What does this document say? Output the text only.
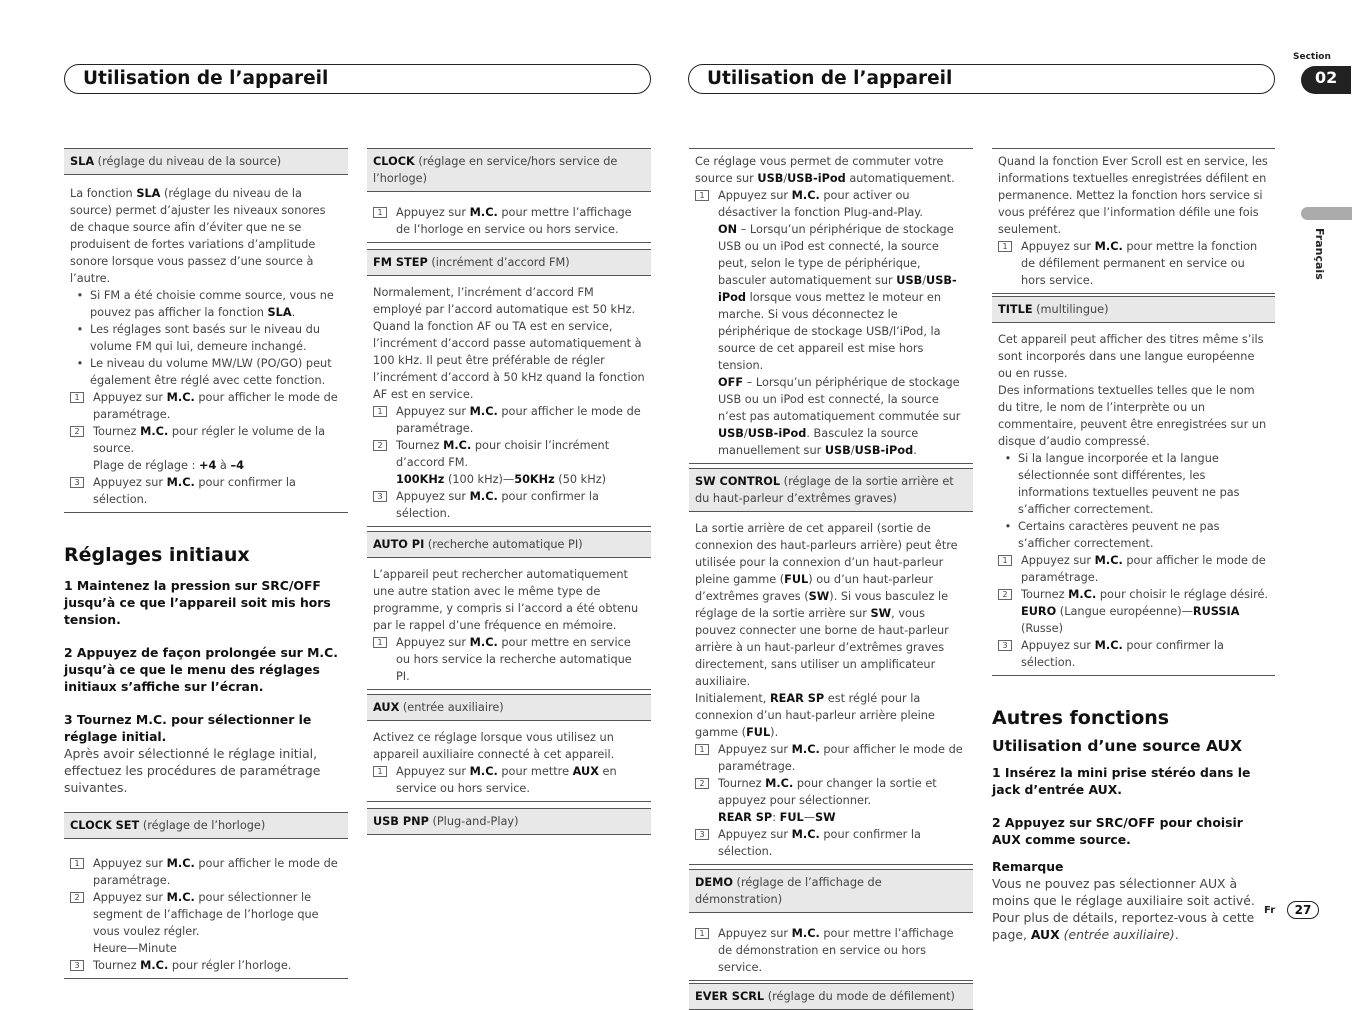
Utilisation de l’appareil	Utilisation de l’appareil
Section
02
Français
Fr	27
SLA (réglage du niveau de la source)
La fonction SLA (réglage du niveau de la source) permet d’ajuster les niveaux sonores de chaque source afin d’éviter que ne se produisent de fortes variations d’amplitude sonore lorsque vous passez d’une source à l’autre.
• Si FM a été choisie comme source, vous ne pouvez pas afficher la fonction SLA.
• Les réglages sont basés sur le niveau du volume FM qui lui, demeure inchangé.
• Le niveau du volume MW/LW (PO/GO) peut également être réglé avec cette fonction.
1	Appuyez sur M.C. pour afficher le mode de paramétrage.
2	Tournez M.C. pour régler le volume de la source.
Plage de réglage : +4 à –4
3	Appuyez sur M.C. pour confirmer la sélection.
Réglages initiaux
1 Maintenez la pression sur SRC/OFF jusqu’à ce que l’appareil soit mis hors tension.
2 Appuyez de façon prolongée sur M.C. jusqu’à ce que le menu des réglages initiaux s’affiche sur l’écran.
3 Tournez M.C. pour sélectionner le réglage initial.
Après avoir sélectionné le réglage initial, effectuez les procédures de paramétrage suivantes.
CLOCK SET (réglage de l’horloge)
1	Appuyez sur M.C. pour afficher le mode de paramétrage.
2	Appuyez sur M.C. pour sélectionner le segment de l’affichage de l’horloge que vous voulez régler.
Heure—Minute
3	Tournez M.C. pour régler l’horloge.
CLOCK (réglage en service/hors service de l’horloge)
1	Appuyez sur M.C. pour mettre l’affichage de l’horloge en service ou hors service.
FM STEP (incrément d’accord FM)
Normalement, l’incrément d’accord FM employé par l’accord automatique est 50 kHz. Quand la fonction AF ou TA est en service, l’incrément d’accord passe automatiquement à 100 kHz. Il peut être préférable de régler l’incrément d’accord à 50 kHz quand la fonction AF est en service.
1	Appuyez sur M.C. pour afficher le mode de paramétrage.
2	Tournez M.C. pour choisir l’incrément d’accord FM.
100KHz (100 kHz)—50KHz (50 kHz)
3	Appuyez sur M.C. pour confirmer la sélection.
AUTO PI (recherche automatique PI)
L’appareil peut rechercher automatiquement une autre station avec le même type de programme, y compris si l’accord a été obtenu par le rappel d’une fréquence en mémoire.
1	Appuyez sur M.C. pour mettre en service ou hors service la recherche automatique PI.
AUX (entrée auxiliaire)
Activez ce réglage lorsque vous utilisez un appareil auxiliaire connecté à cet appareil.
1	Appuyez sur M.C. pour mettre AUX en service ou hors service.
USB PNP (Plug-and-Play)
Ce réglage vous permet de commuter votre source sur USB/USB-iPod automatiquement.
1	Appuyez sur M.C. pour activer ou désactiver la fonction Plug-and-Play.
ON – Lorsqu’un périphérique de stockage USB ou un iPod est connecté, la source peut, selon le type de périphérique, basculer automatiquement sur USB/USB-iPod lorsque vous mettez le moteur en marche. Si vous déconnectez le périphérique de stockage USB/l’iPod, la source de cet appareil est mise hors tension.
OFF – Lorsqu’un périphérique de stockage USB ou un iPod est connecté, la source n’est pas automatiquement commutée sur USB/USB-iPod. Basculez la source manuellement sur USB/USB-iPod.
SW CONTROL (réglage de la sortie arrière et du haut-parleur d’extrêmes graves)
La sortie arrière de cet appareil (sortie de connexion des haut-parleurs arrière) peut être utilisée pour la connexion d’un haut-parleur pleine gamme (FUL) ou d’un haut-parleur d’extrêmes graves (SW). Si vous basculez le réglage de la sortie arrière sur SW, vous pouvez connecter une borne de haut-parleur arrière à un haut-parleur d’extrêmes graves directement, sans utiliser un amplificateur auxiliaire.
Initialement, REAR SP est réglé pour la connexion d’un haut-parleur arrière pleine gamme (FUL).
1	Appuyez sur M.C. pour afficher le mode de paramétrage.
2	Tournez M.C. pour changer la sortie et appuyez pour sélectionner.
REAR SP: FUL—SW
3	Appuyez sur M.C. pour confirmer la sélection.
DEMO (réglage de l’affichage de démonstration)
1	Appuyez sur M.C. pour mettre l’affichage de démonstration en service ou hors service.
EVER SCRL (réglage du mode de défilement)
Quand la fonction Ever Scroll est en service, les informations textuelles enregistrées défilent en permanence. Mettez la fonction hors service si vous préférez que l’information défile une fois seulement.
1	Appuyez sur M.C. pour mettre la fonction de défilement permanent en service ou hors service.
TITLE (multilingue)
Cet appareil peut afficher des titres même s’ils sont incorporés dans une langue européenne ou en russe.
Des informations textuelles telles que le nom du titre, le nom de l’interprète ou un commentaire, peuvent être enregistrées sur un disque d’audio compressé.
• Si la langue incorporée et la langue sélectionnée sont différentes, les informations textuelles peuvent ne pas s’afficher correctement.
• Certains caractères peuvent ne pas s’afficher correctement.
1	Appuyez sur M.C. pour afficher le mode de paramétrage.
2	Tournez M.C. pour choisir le réglage désiré.
EURO (Langue européenne)—RUSSIA (Russe)
3	Appuyez sur M.C. pour confirmer la sélection.
Autres fonctions
Utilisation d’une source AUX
1 Insérez la mini prise stéréo dans le jack d’entrée AUX.
2 Appuyez sur SRC/OFF pour choisir AUX comme source.
Remarque
Vous ne pouvez pas sélectionner AUX à moins que le réglage auxiliaire soit activé. Pour plus de détails, reportez-vous à cette page, AUX (entrée auxiliaire).
